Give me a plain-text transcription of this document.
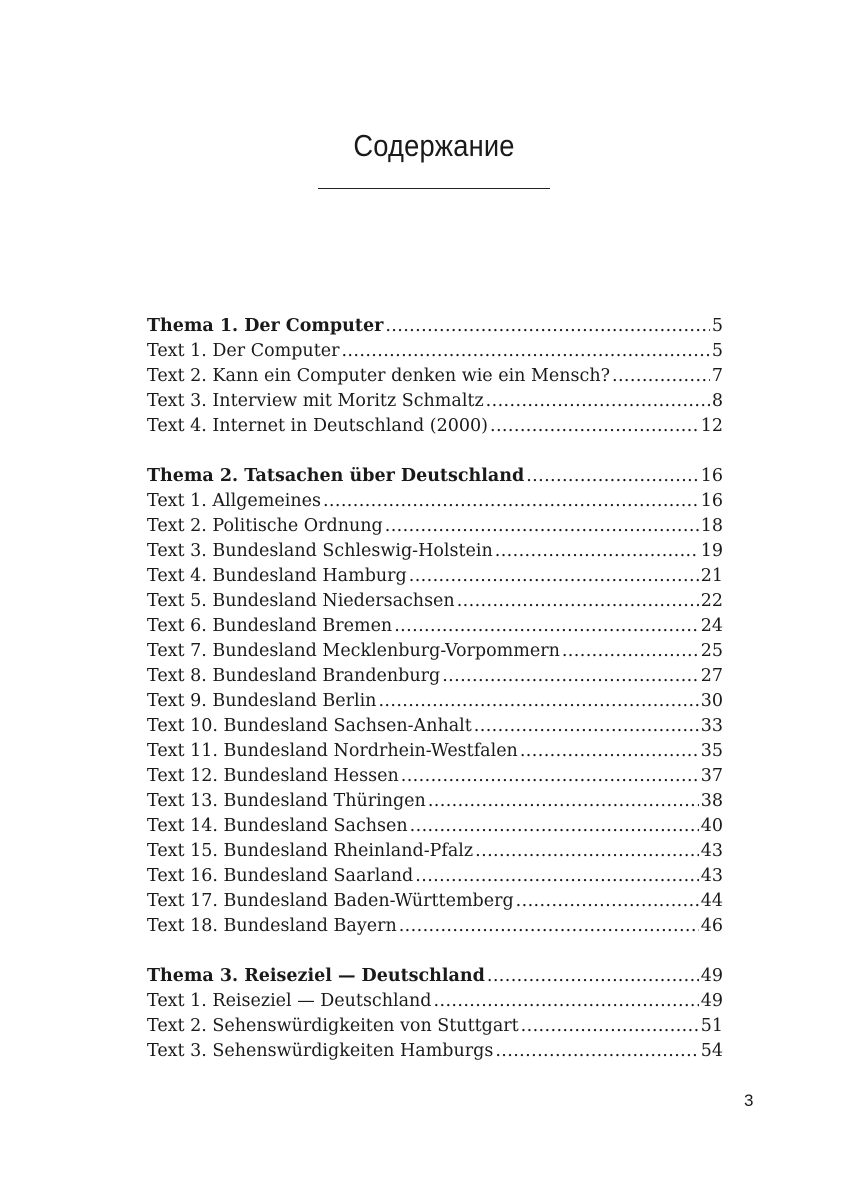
Содержание
Thema 1. Der Computer .....	5
Text 1. Der Computer .....	5
Text 2. Kann ein Computer denken wie ein Mensch? .....	7
Text 3. Interview mit Moritz Schmaltz .....	8
Text 4. Internet in Deutschland (2000) .....	12
Thema 2. Tatsachen über Deutschland .....	16
Text 1. Allgemeines .....	16
Text 2. Politische Ordnung .....	18
Text 3. Bundesland Schleswig-Holstein .....	19
Text 4. Bundesland Hamburg .....	21
Text 5. Bundesland Niedersachsen .....	22
Text 6. Bundesland Bremen .....	24
Text 7. Bundesland Mecklenburg-Vorpommern .....	25
Text 8. Bundesland Brandenburg .....	27
Text 9. Bundesland Berlin .....	30
Text 10. Bundesland Sachsen-Anhalt .....	33
Text 11. Bundesland Nordrhein-Westfalen .....	35
Text 12. Bundesland Hessen .....	37
Text 13. Bundesland Thüringen .....	38
Text 14. Bundesland Sachsen .....	40
Text 15. Bundesland Rheinland-Pfalz .....	43
Text 16. Bundesland Saarland .....	43
Text 17. Bundesland Baden-Württemberg .....	44
Text 18. Bundesland Bayern .....	46
Thema 3. Reiseziel — Deutschland .....	49
Text 1. Reiseziel — Deutschland .....	49
Text 2. Sehenswürdigkeiten von Stuttgart .....	51
Text 3. Sehenswürdigkeiten Hamburgs .....	54
3
